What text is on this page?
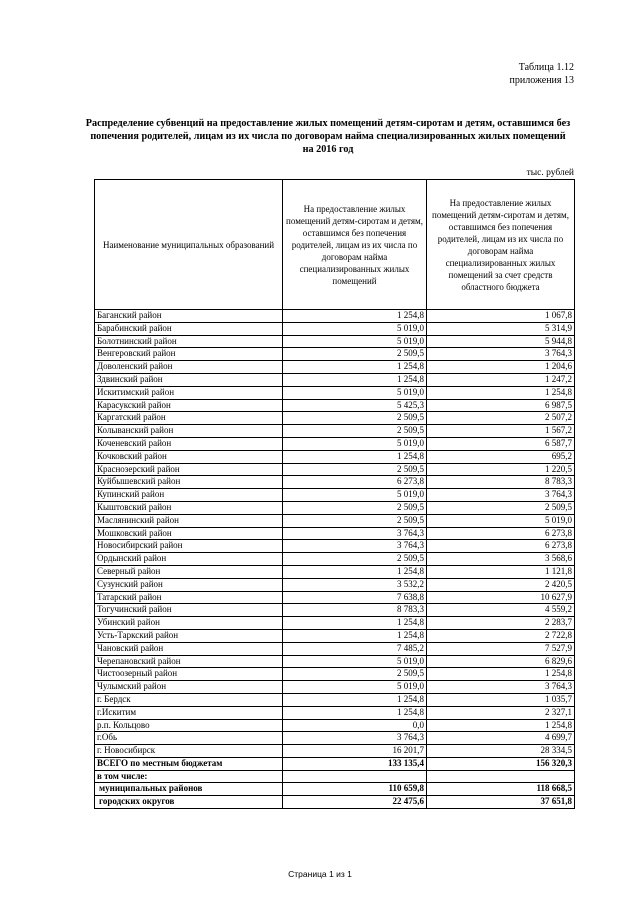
Таблица 1.12
приложения 13
Распределение субвенций на предоставление жилых помещений детям-сиротам и детям, оставшимся без попечения родителей, лицам из их числа по договорам найма специализированных жилых помещений на 2016 год
тыс. рублей
Наименование муниципальных образований	На предоставление жилых помещений детям-сиротам и детям, оставшимся без попечения родителей, лицам из их числа по договорам найма специализированных жилых помещений	На предоставление жилых помещений детям-сиротам и детям, оставшимся без попечения родителей, лицам из их числа по договорам найма специализированных жилых помещений за счет средств областного бюджета
Баганский район	1 254,8	1 067,8
Барабинский район	5 019,0	5 314,9
Болотнинский район	5 019,0	5 944,8
Венгеровский район	2 509,5	3 764,3
Доволенский район	1 254,8	1 204,6
Здвинский район	1 254,8	1 247,2
Искитимский район	5 019,0	1 254,8
Карасукский район	5 425,3	6 987,5
Каргатский район	2 509,5	2 507,2
Колыванский район	2 509,5	1 567,2
Коченевский район	5 019,0	6 587,7
Кочковский район	1 254,8	695,2
Краснозерский район	2 509,5	1 220,5
Куйбышевский район	6 273,8	8 783,3
Купинский район	5 019,0	3 764,3
Кыштовский район	2 509,5	2 509,5
Маслянинский район	2 509,5	5 019,0
Мошковский район	3 764,3	6 273,8
Новосибирский район	3 764,3	6 273,8
Ордынский район	2 509,5	3 568,6
Северный район	1 254,8	1 121,8
Сузунский район	3 532,2	2 420,5
Татарский район	7 638,8	10 627,9
Тогучинский район	8 783,3	4 559,2
Убинский район	1 254,8	2 283,7
Усть-Таркский район	1 254,8	2 722,8
Чановский район	7 485,2	7 527,9
Черепановский район	5 019,0	6 829,6
Чистоозерный район	2 509,5	1 254,8
Чулымский район	5 019,0	3 764,3
г. Бердск	1 254,8	1 035,7
г.Искитим	1 254,8	2 327,1
р.п. Кольцово	0,0	1 254,8
г.Обь	3 764,3	4 699,7
г. Новосибирск	16 201,7	28 334,5
ВСЕГО по местным бюджетам	133 135,4	156 320,3
в том числе:		
муниципальных районов	110 659,8	118 668,5
городских округов	22 475,6	37 651,8
Страница 1 из 1
